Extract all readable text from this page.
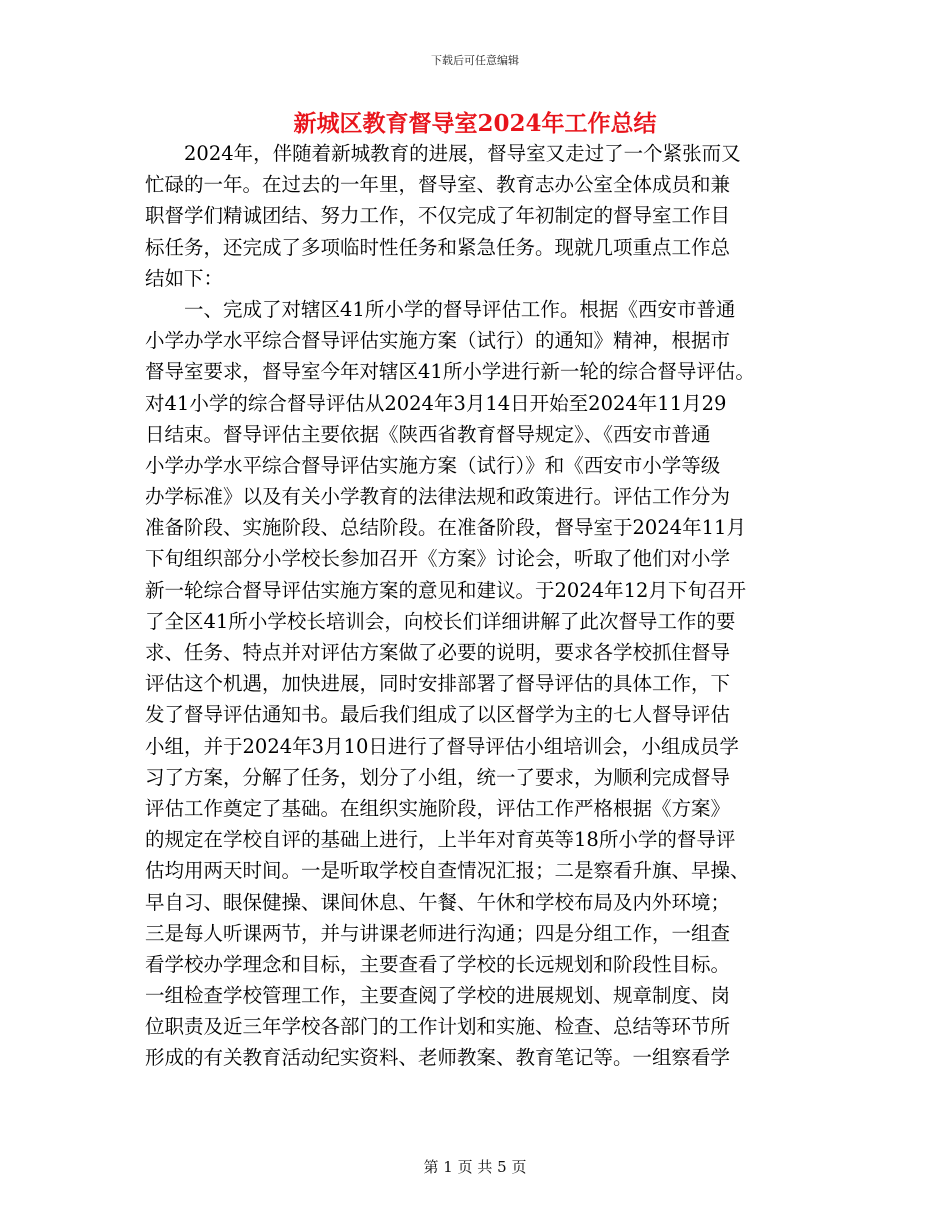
下载后可任意编辑
新城区教育督导室2024年工作总结
　　2024年，伴随着新城教育的进展，督导室又走过了一个紧张而又
忙碌的一年。在过去的一年里，督导室、教育志办公室全体成员和兼
职督学们精诚团结、努力工作，不仅完成了年初制定的督导室工作目
标任务，还完成了多项临时性任务和紧急任务。现就几项重点工作总
结如下：
　　一、完成了对辖区41所小学的督导评估工作。根据《西安市普通
小学办学水平综合督导评估实施方案（试行）的通知》精神，根据市
督导室要求，督导室今年对辖区41所小学进行新一轮的综合督导评估。
对41小学的综合督导评估从2024年3月14日开始至2024年11月29
日结束。督导评估主要依据《陕西省教育督导规定》、《西安市普通
小学办学水平综合督导评估实施方案（试行）》和《西安市小学等级
办学标准》以及有关小学教育的法律法规和政策进行。评估工作分为
准备阶段、实施阶段、总结阶段。在准备阶段，督导室于2024年11月
下旬组织部分小学校长参加召开《方案》讨论会，听取了他们对小学
新一轮综合督导评估实施方案的意见和建议。于2024年12月下旬召开
了全区41所小学校长培训会，向校长们详细讲解了此次督导工作的要
求、任务、特点并对评估方案做了必要的说明，要求各学校抓住督导
评估这个机遇，加快进展，同时安排部署了督导评估的具体工作，下
发了督导评估通知书。最后我们组成了以区督学为主的七人督导评估
小组，并于2024年3月10日进行了督导评估小组培训会，小组成员学
习了方案，分解了任务，划分了小组，统一了要求，为顺利完成督导
评估工作奠定了基础。在组织实施阶段，评估工作严格根据《方案》
的规定在学校自评的基础上进行，上半年对育英等18所小学的督导评
估均用两天时间。一是听取学校自查情况汇报；二是察看升旗、早操、
早自习、眼保健操、课间休息、午餐、午休和学校布局及内外环境；
三是每人听课两节，并与讲课老师进行沟通；四是分组工作，一组查
看学校办学理念和目标，主要查看了学校的长远规划和阶段性目标。
一组检查学校管理工作，主要查阅了学校的进展规划、规章制度、岗
位职责及近三年学校各部门的工作计划和实施、检查、总结等环节所
形成的有关教育活动纪实资料、老师教案、教育笔记等。一组察看学
第 1 页 共 5 页
